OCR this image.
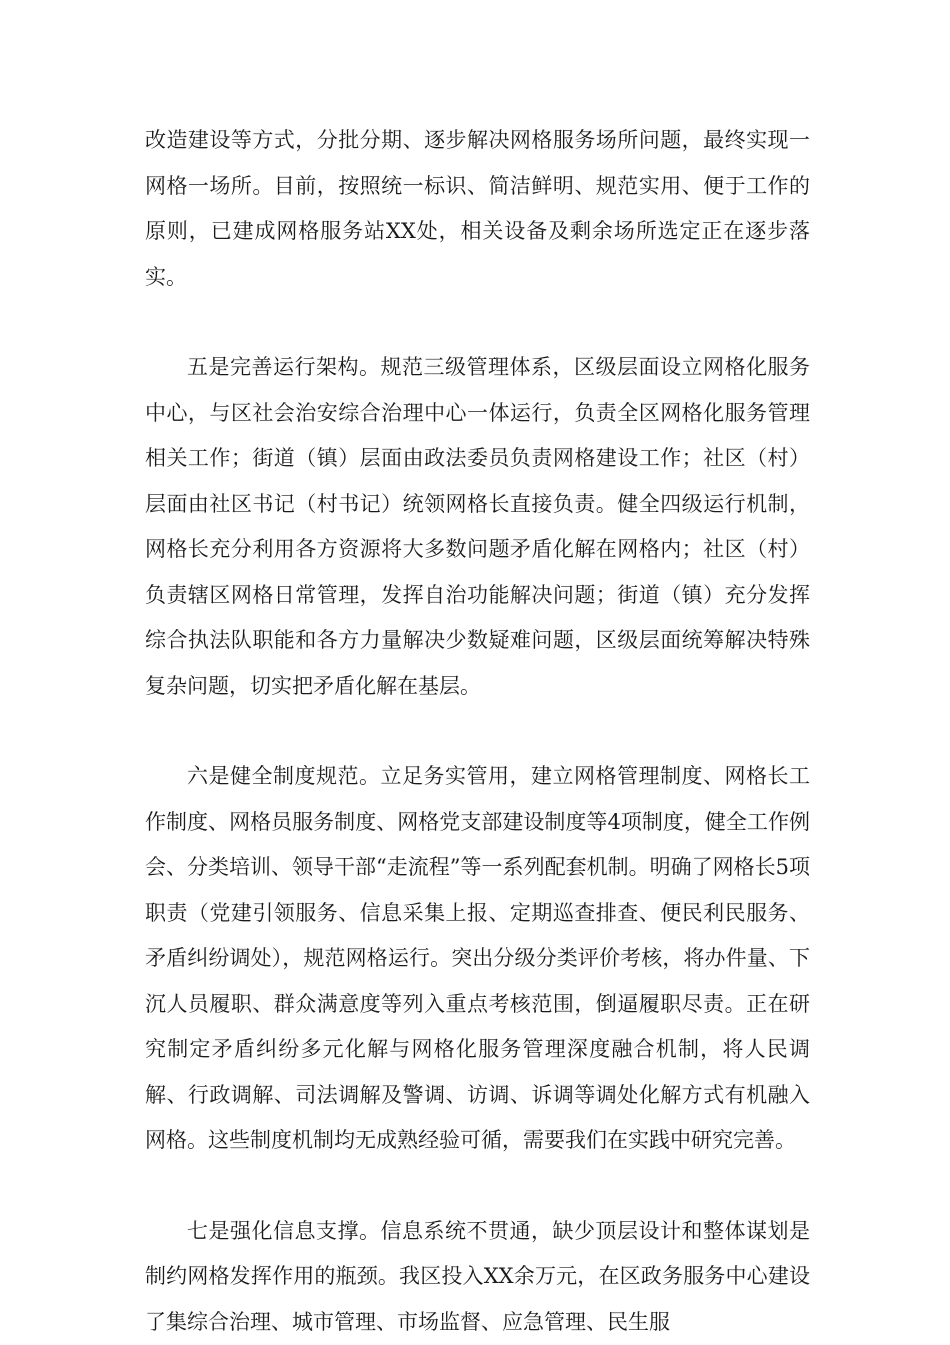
改造建设等方式，分批分期、逐步解决网格服务场所问题，最终实现一网格一场所。目前，按照统一标识、简洁鲜明、规范实用、便于工作的原则，已建成网格服务站XX处，相关设备及剩余场所选定正在逐步落实。

五是完善运行架构。规范三级管理体系，区级层面设立网格化服务中心，与区社会治安综合治理中心一体运行，负责全区网格化服务管理相关工作；街道（镇）层面由政法委员负责网格建设工作；社区（村）层面由社区书记（村书记）统领网格长直接负责。健全四级运行机制，网格长充分利用各方资源将大多数问题矛盾化解在网格内；社区（村）负责辖区网格日常管理，发挥自治功能解决问题；街道（镇）充分发挥综合执法队职能和各方力量解决少数疑难问题，区级层面统筹解决特殊复杂问题，切实把矛盾化解在基层。

六是健全制度规范。立足务实管用，建立网格管理制度、网格长工作制度、网格员服务制度、网格党支部建设制度等4项制度，健全工作例会、分类培训、领导干部“走流程”等一系列配套机制。明确了网格长5项职责（党建引领服务、信息采集上报、定期巡查排查、便民利民服务、矛盾纠纷调处），规范网格运行。突出分级分类评价考核，将办件量、下沉人员履职、群众满意度等列入重点考核范围，倒逼履职尽责。正在研究制定矛盾纠纷多元化解与网格化服务管理深度融合机制，将人民调解、行政调解、司法调解及警调、访调、诉调等调处化解方式有机融入网格。这些制度机制均无成熟经验可循，需要我们在实践中研究完善。

七是强化信息支撑。信息系统不贯通，缺少顶层设计和整体谋划是制约网格发挥作用的瓶颈。我区投入XX余万元，在区政务服务中心建设了集综合治理、城市管理、市场监督、应急管理、民生服
